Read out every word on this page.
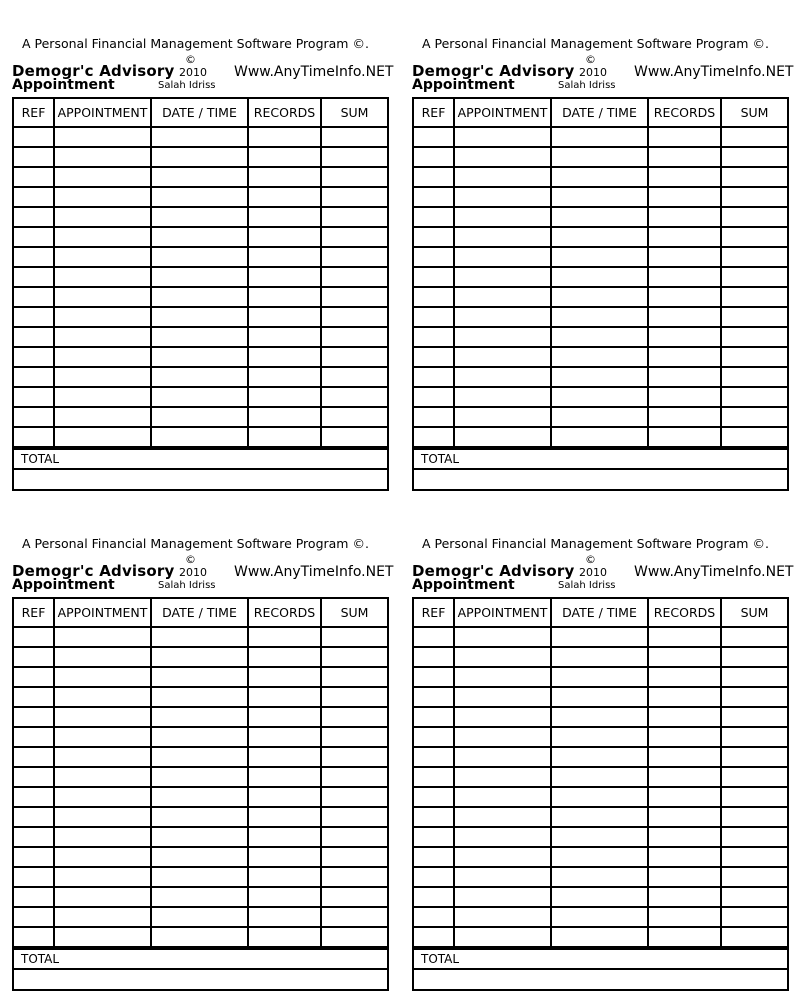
A Personal Financial Management Software Program ©.
Demogr'c Advisory
Appointment
©
2010
Salah Idriss
Www.AnyTimeInfo.NET
REF	APPOINTMENT	DATE / TIME	RECORDS	SUM

TOTAL
A Personal Financial Management Software Program ©.
Demogr'c Advisory
Appointment
©
2010
Salah Idriss
Www.AnyTimeInfo.NET
REF	APPOINTMENT	DATE / TIME	RECORDS	SUM

TOTAL
A Personal Financial Management Software Program ©.
Demogr'c Advisory
Appointment
©
2010
Salah Idriss
Www.AnyTimeInfo.NET
REF	APPOINTMENT	DATE / TIME	RECORDS	SUM

TOTAL
A Personal Financial Management Software Program ©.
Demogr'c Advisory
Appointment
©
2010
Salah Idriss
Www.AnyTimeInfo.NET
REF	APPOINTMENT	DATE / TIME	RECORDS	SUM

TOTAL
